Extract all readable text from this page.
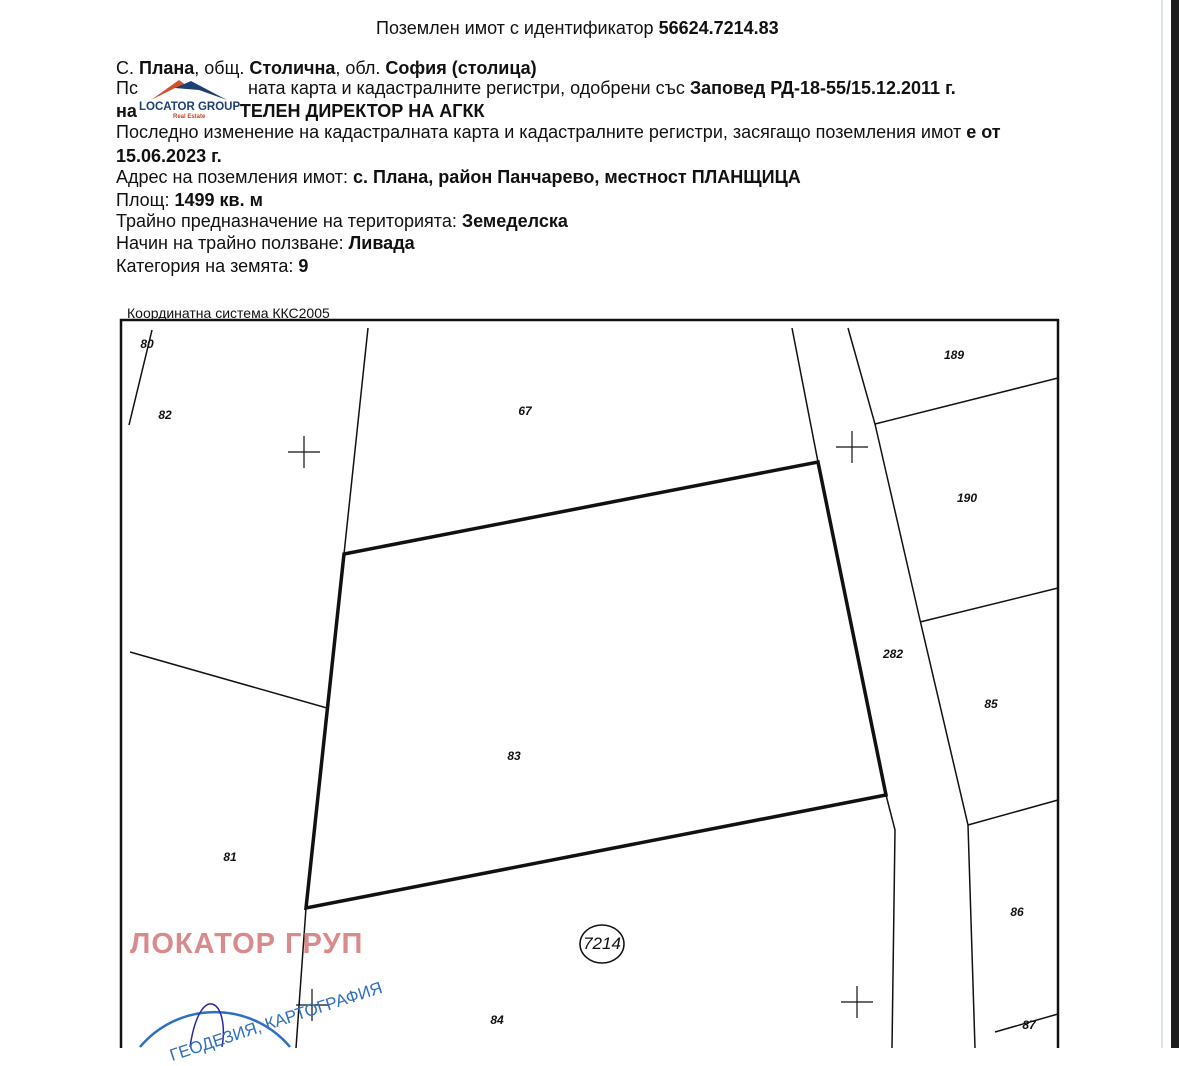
Поземлен имот с идентификатор 56624.7214.83
С. Плана, общ. Столична, обл. София (столица)
Пс	ната карта и кадастралните регистри, одобрени със Заповед РД-18-55/15.12.2011 г.
на	ТЕЛЕН ДИРЕКТОР НА АГКК
Последно изменение на кадастралната карта и кадастралните регистри, засягащо поземления имот е от
15.06.2023 г.
Адрес на поземления имот: с. Плана, район Панчарево, местност ПЛАНЩИЦА
Площ: 1499 кв. м
Трайно предназначение на територията: Земеделска
Начин на трайно ползване: Ливада
Категория на земята: 9
LOCATOR GROUP
Real Estate
Координатна система ККС2005
ГЕОДЕЗИЯ, КАРТОГРАФИЯ
80
82	67
189
190
282
85
83
81
86
84	87
7214
ЛОКАТОР ГРУП
